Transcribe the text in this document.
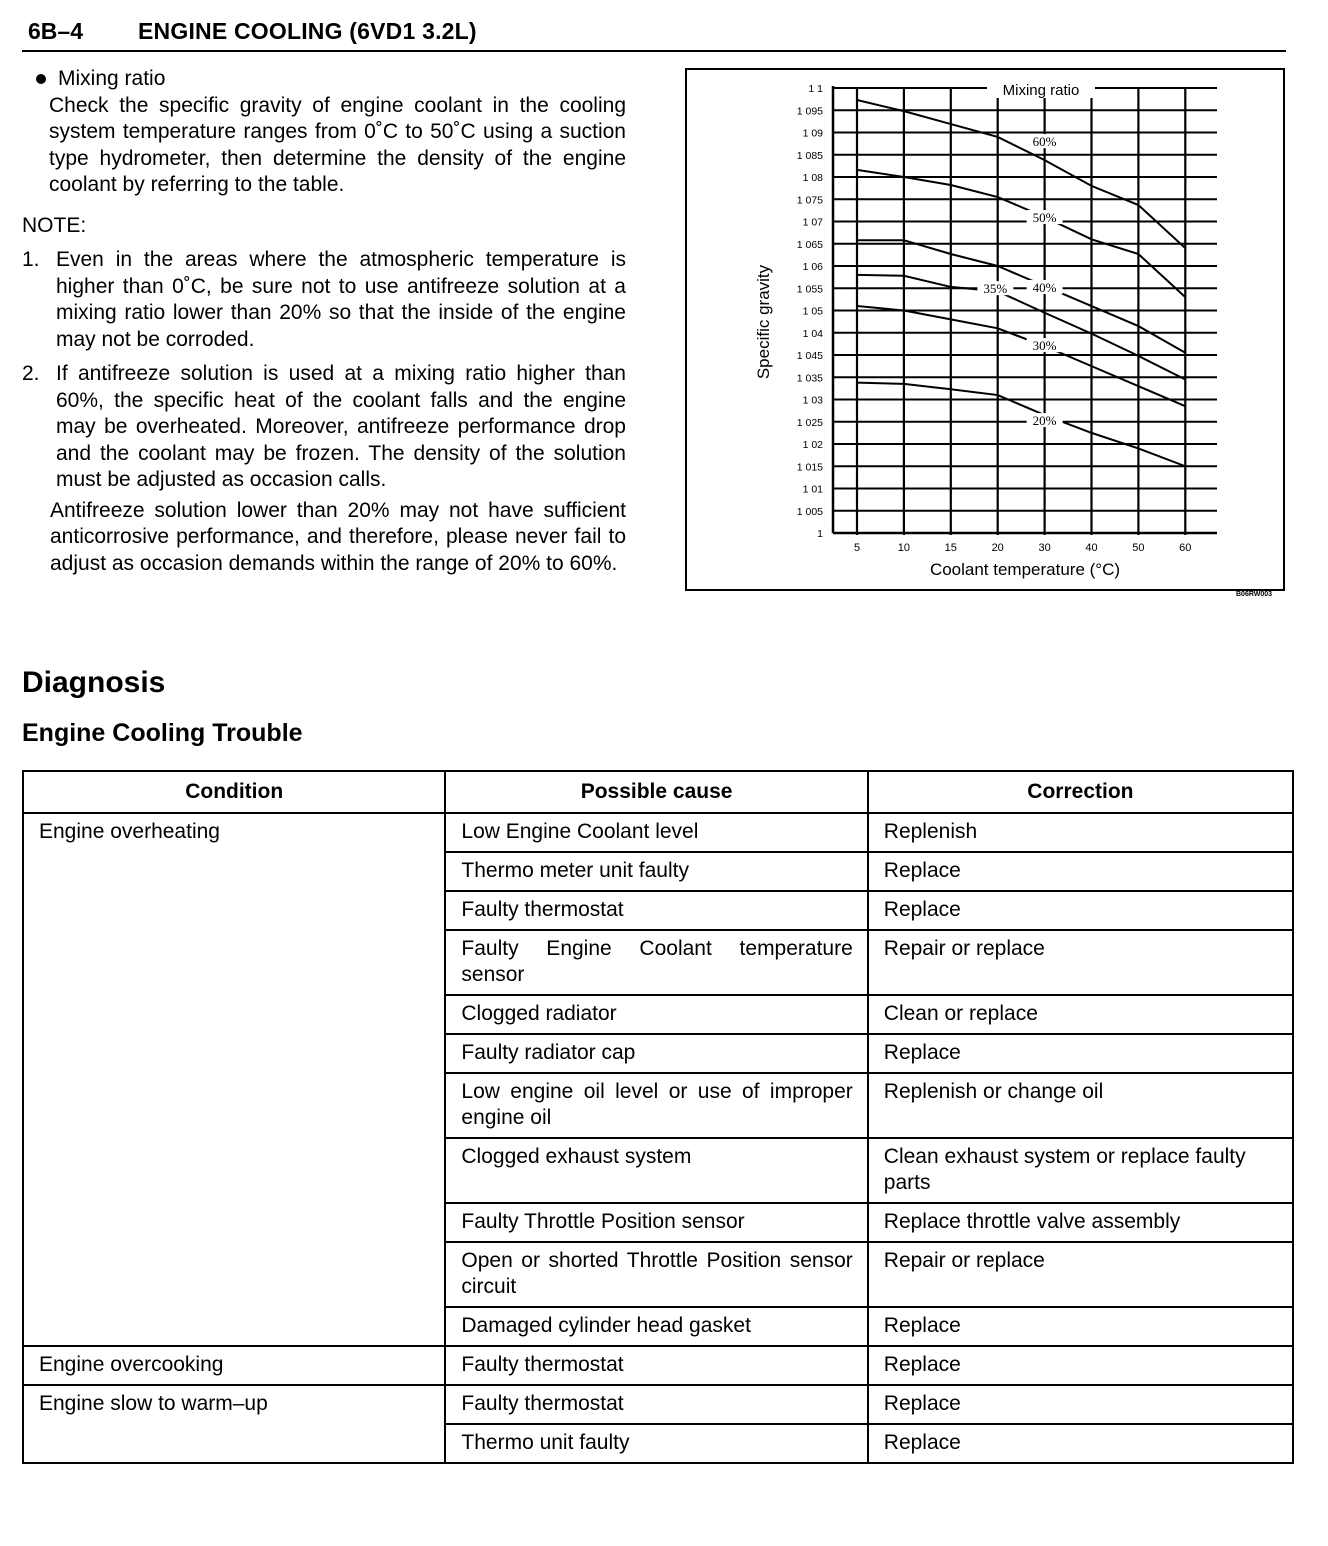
6B–4 ENGINE COOLING (6VD1 3.2L)
Mixing ratio
Check the specific gravity of engine coolant in the cooling system temperature ranges from 0˚C to 50˚C using a suction type hydrometer, then determine the density of the engine coolant by referring to the table.
NOTE:
1. Even in the areas where the atmospheric temperature is higher than 0˚C, be sure not to use antifreeze solution at a mixing ratio lower than 20% so that the inside of the engine may not be corroded.
2. If antifreeze solution is used at a mixing ratio higher than 60%, the specific heat of the coolant falls and the engine may be overheated. Moreover, antifreeze performance drop and the coolant may be frozen. The density of the solution must be adjusted as occasion calls.
Antifreeze solution lower than 20% may not have sufficient anticorrosive performance, and therefore, please never fail to adjust as occasion demands within the range of 20% to 60%.
Mixing ratio
1 1
1 095
1 09
1 085
1 08
1 075
1 07
1 065
1 06
1 055
1 05
1 04
1 045
1 035
1 03
1 025
1 02
1 015
1 01
1 005
1
5	10	15	20	30	40	50	60
Coolant temperature (°C)
Specific gravity
60%
50%
40%
35%
30%
20%
B06RW003
Diagnosis
Engine Cooling Trouble
Condition	Possible cause	Correction
Engine overheating	Low Engine Coolant level	Replenish
	Thermo meter unit faulty	Replace
	Faulty thermostat	Replace
	Faulty Engine Coolant temperature sensor	Repair or replace
	Clogged radiator	Clean or replace
	Faulty radiator cap	Replace
	Low engine oil level or use of improper engine oil	Replenish or change oil
	Clogged exhaust system	Clean exhaust system or replace faulty parts
	Faulty Throttle Position sensor	Replace throttle valve assembly
	Open or shorted Throttle Position sensor circuit	Repair or replace
	Damaged cylinder head gasket	Replace
Engine overcooking	Faulty thermostat	Replace
Engine slow to warm–up	Faulty thermostat	Replace
	Thermo unit faulty	Replace
